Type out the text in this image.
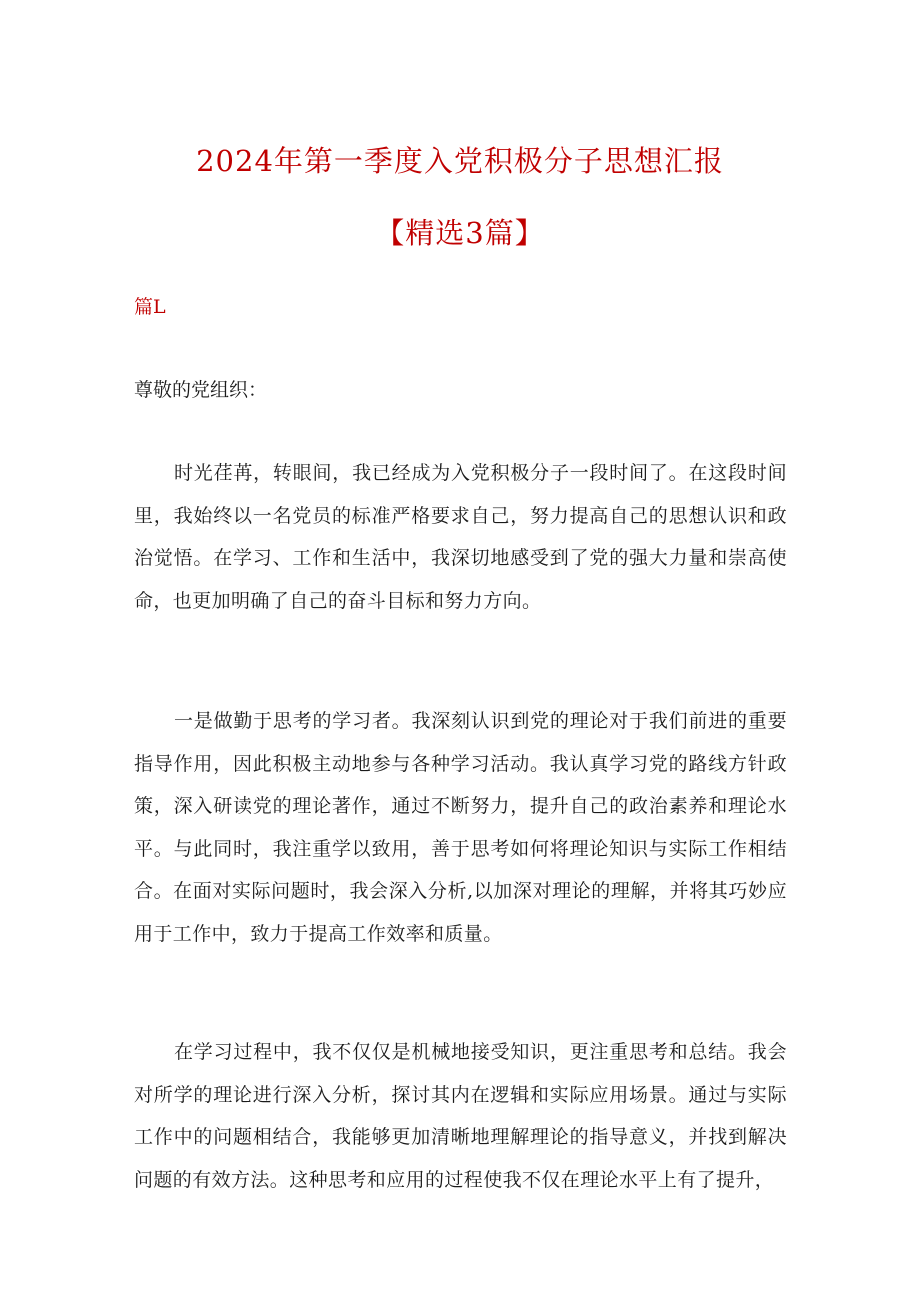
2024年第一季度入党积极分子思想汇报
【精选3篇】
篇L
尊敬的党组织：

时光荏苒，转眼间，我已经成为入党积极分子一段时间了。在这段时间里，我始终以一名党员的标准严格要求自己，努力提高自己的思想认识和政治觉悟。在学习、工作和生活中，我深切地感受到了党的强大力量和崇高使命，也更加明确了自己的奋斗目标和努力方向。

一是做勤于思考的学习者。我深刻认识到党的理论对于我们前进的重要指导作用，因此积极主动地参与各种学习活动。我认真学习党的路线方针政策，深入研读党的理论著作，通过不断努力，提升自己的政治素养和理论水平。与此同时，我注重学以致用，善于思考如何将理论知识与实际工作相结合。在面对实际问题时，我会深入分析,以加深对理论的理解，并将其巧妙应用于工作中，致力于提高工作效率和质量。

在学习过程中，我不仅仅是机械地接受知识，更注重思考和总结。我会对所学的理论进行深入分析，探讨其内在逻辑和实际应用场景。通过与实际工作中的问题相结合，我能够更加清晰地理解理论的指导意义，并找到解决问题的有效方法。这种思考和应用的过程使我不仅在理论水平上有了提升，
